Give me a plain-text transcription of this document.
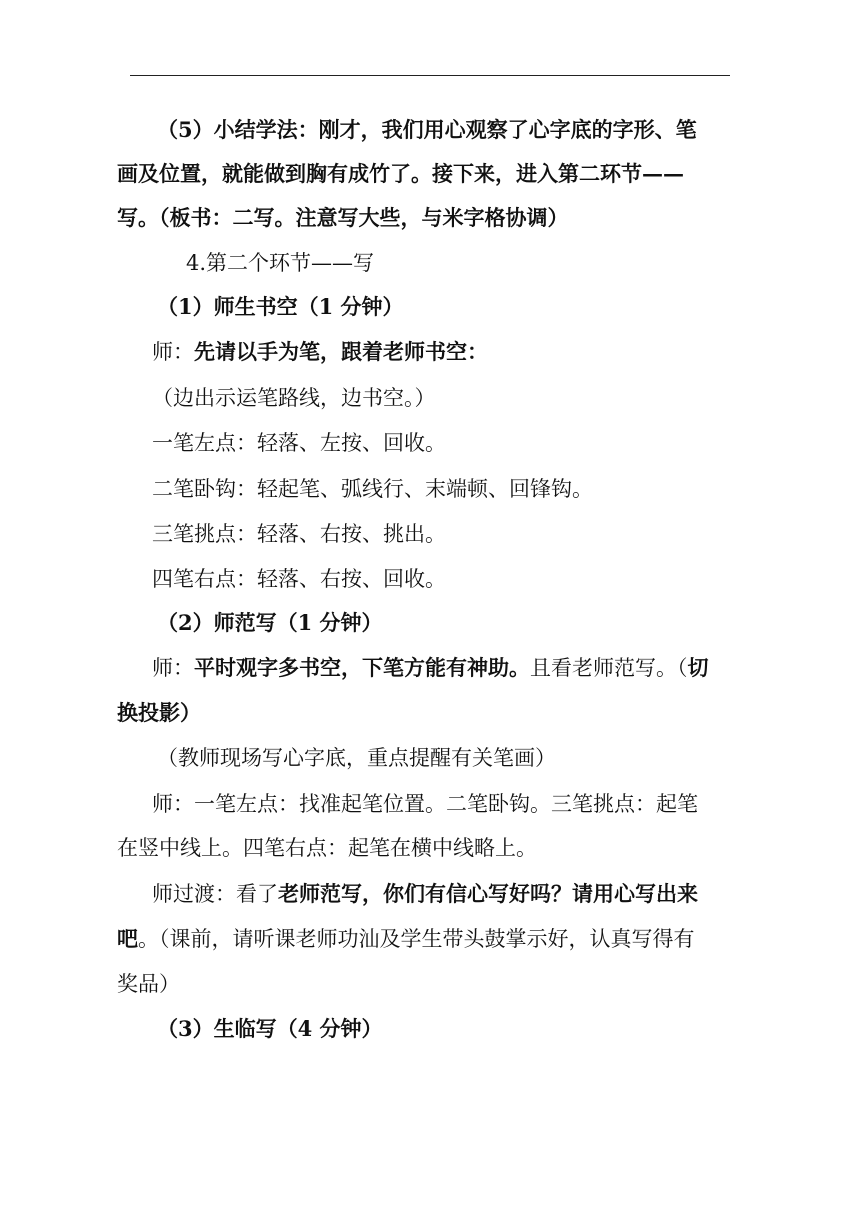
（5）小结学法：刚才，我们用心观察了心字底的字形、笔
画及位置，就能做到胸有成竹了。接下来，进入第二环节——
写。（板书：二写。注意写大些，与米字格协调）
4.第二个环节——写
（1）师生书空（1 分钟）
师：先请以手为笔，跟着老师书空：
（边出示运笔路线，边书空。）
一笔左点：轻落、左按、回收。
二笔卧钩：轻起笔、弧线行、末端顿、回锋钩。
三笔挑点：轻落、右按、挑出。
四笔右点：轻落、右按、回收。
（2）师范写（1 分钟）
师：平时观字多书空，下笔方能有神助。且看老师范写。（切
换投影）
（教师现场写心字底，重点提醒有关笔画）
师：一笔左点：找准起笔位置。二笔卧钩。三笔挑点：起笔
在竖中线上。四笔右点：起笔在横中线略上。
师过渡：看了老师范写，你们有信心写好吗？请用心写出来
吧。（课前，请听课老师功汕及学生带头鼓掌示好，认真写得有
奖品）
（3）生临写（4 分钟）
